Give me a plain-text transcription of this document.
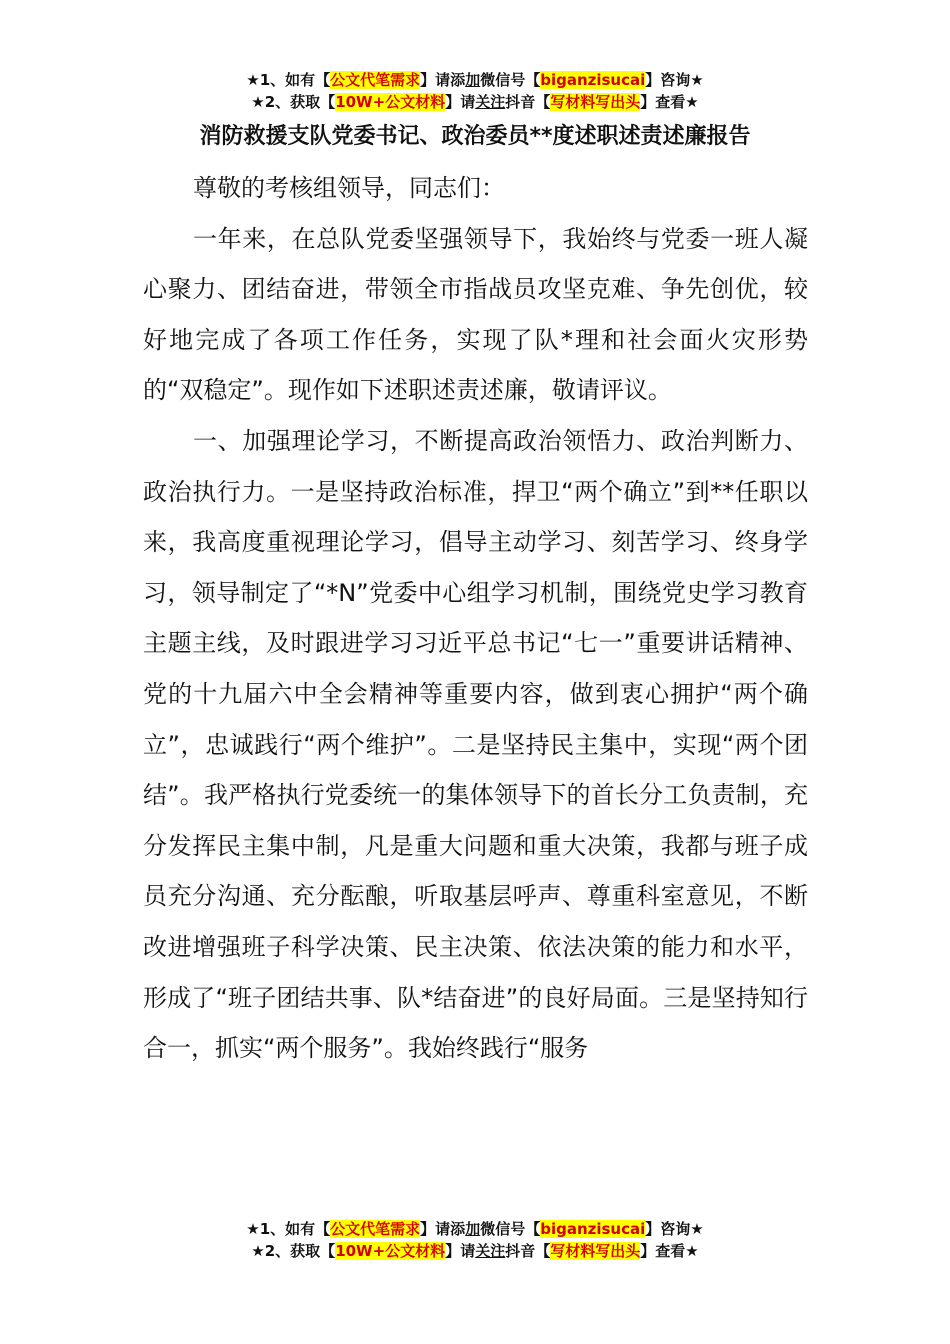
★1、如有【公文代笔需求】请添加微信号【biganzisucai】咨询★
★2、获取【10W+公文材料】请关注抖音【写材料写出头】查看★
消防救援支队党委书记、政治委员**度述职述责述廉报告

尊敬的考核组领导，同志们：

一年来，在总队党委坚强领导下，我始终与党委一班人凝心聚力、团结奋进，带领全市指战员攻坚克难、争先创优，较好地完成了各项工作任务，实现了队*理和社会面火灾形势的“双稳定”。现作如下述职述责述廉，敬请评议。

一、加强理论学习，不断提高政治领悟力、政治判断力、政治执行力。一是坚持政治标准，捍卫“两个确立”到**任职以来，我高度重视理论学习，倡导主动学习、刻苦学习、终身学习，领导制定了“*N”党委中心组学习机制，围绕党史学习教育主题主线，及时跟进学习习近平总书记“七一”重要讲话精神、党的十九届六中全会精神等重要内容，做到衷心拥护“两个确立”，忠诚践行“两个维护”。二是坚持民主集中，实现“两个团结”。我严格执行党委统一的集体领导下的首长分工负责制，充分发挥民主集中制，凡是重大问题和重大决策，我都与班子成员充分沟通、充分酝酿，听取基层呼声、尊重科室意见，不断改进增强班子科学决策、民主决策、依法决策的能力和水平，形成了“班子团结共事、队*结奋进”的良好局面。三是坚持知行合一，抓实“两个服务”。我始终践行“服务

★1、如有【公文代笔需求】请添加微信号【biganzisucai】咨询★
★2、获取【10W+公文材料】请关注抖音【写材料写出头】查看★
